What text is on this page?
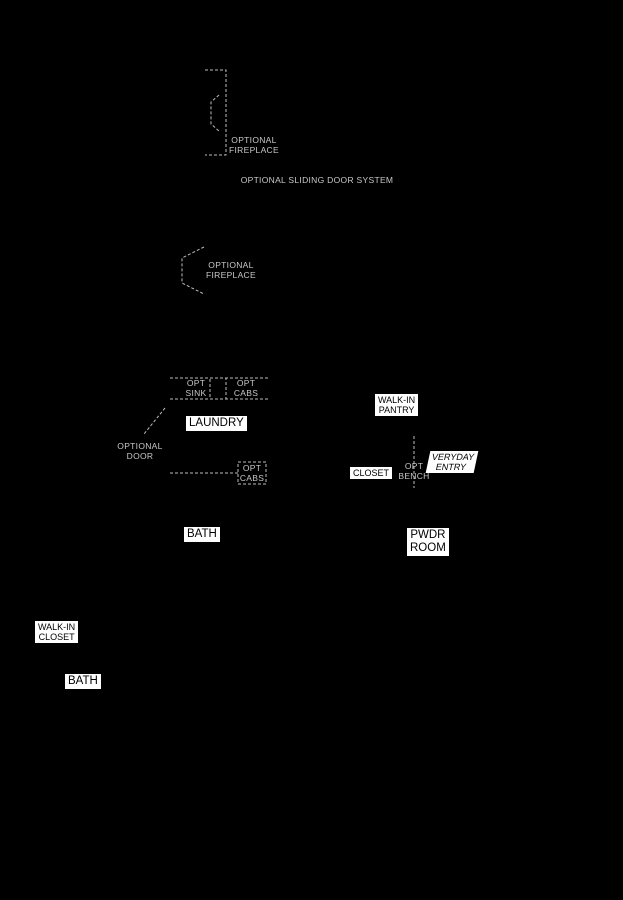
OPTIONAL
FIREPLACE
OPTIONAL SLIDING DOOR SYSTEM
OPTIONAL
FIREPLACE
OPT
SINK
OPT
CABS
LAUNDRY
WALK-IN
PANTRY
OPTIONAL
DOOR	VERYDAY
ENTRY
OPT
BENCH
CLOSET
OPT
CABS
BATH	PWDR
ROOM
WALK-IN
CLOSET
BATH
